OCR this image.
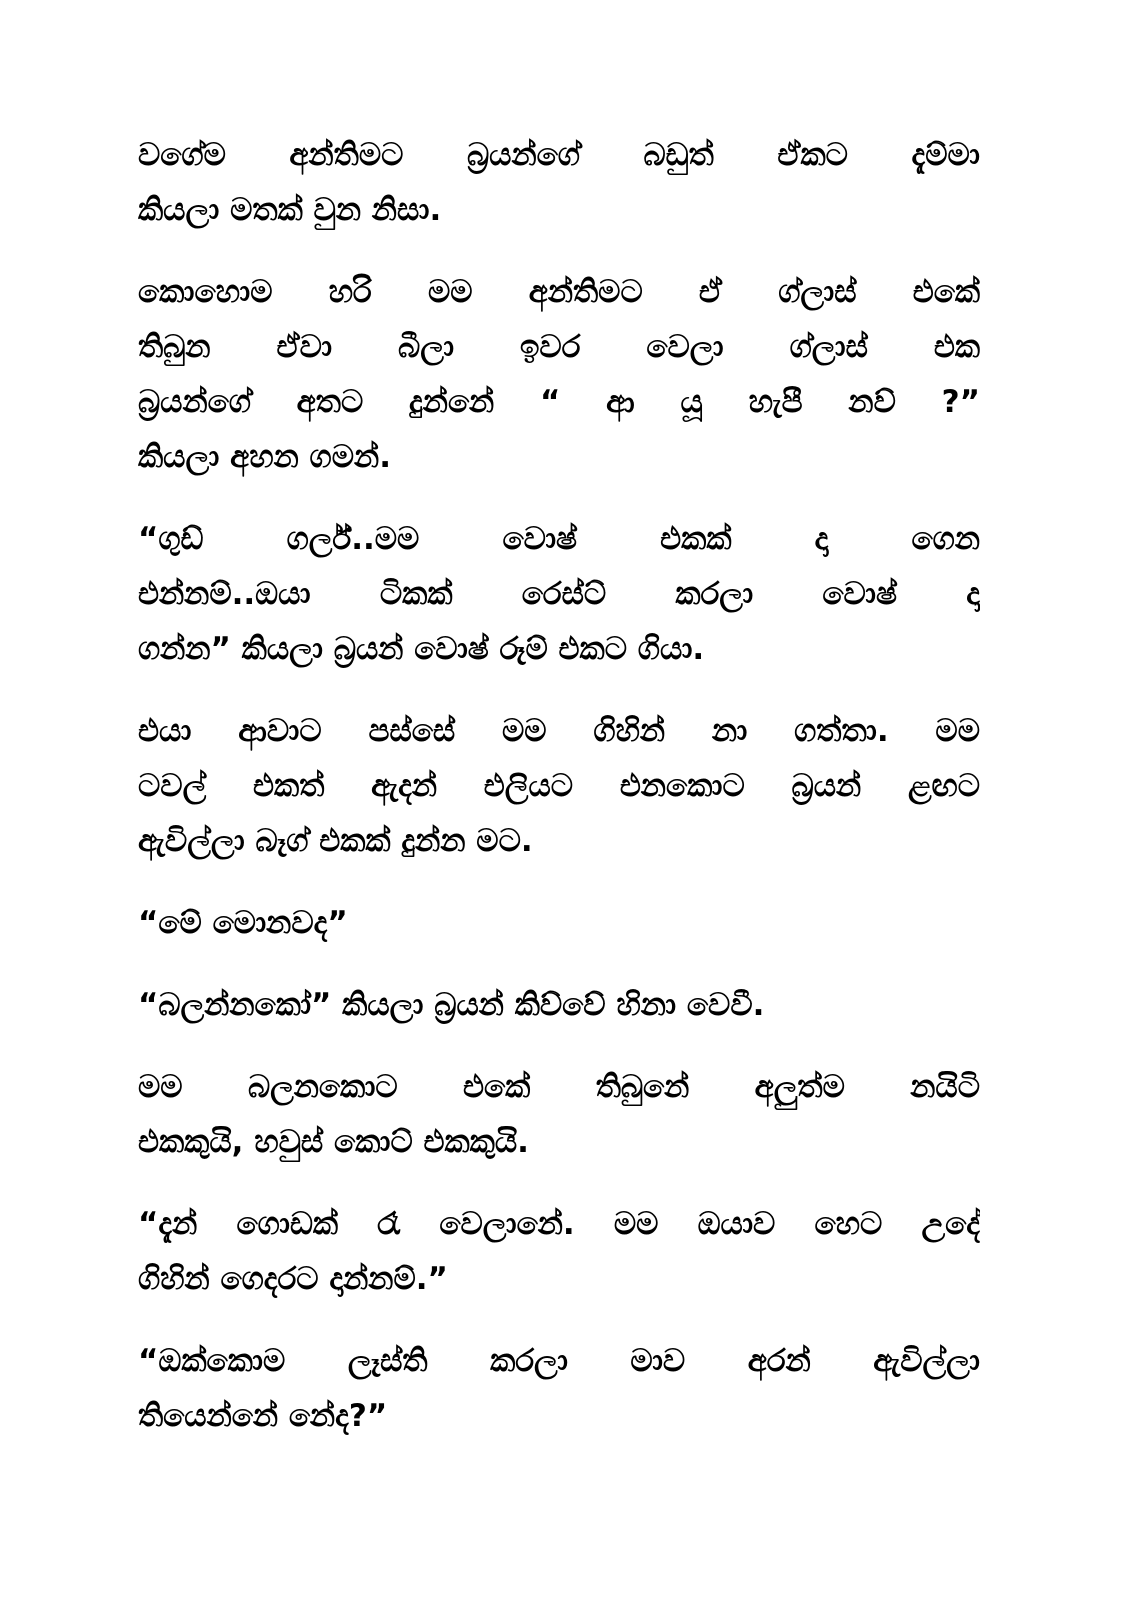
වගේම අන්තිමට බ්‍රයන්ගේ බඩුත් ඒකට දැම්මා
කියලා මතක් වුන නිසා.
කොහොම හරි මම අන්තිමට ඒ ග්ලාස් එකේ
තිබුන ඒවා බීලා ඉවර වෙලා ග්ලාස් එක
බ්‍රයන්ගේ අතට දුන්නේ “ ආ යූ හැපී නව් ?”
කියලා අහන ගමන්.
“ගුඩ් ගර්ල්..මම වොෂ් එකක් දා ගෙන
එන්නම්..ඔයා ටිකක් රෙස්ට් කරලා වොෂ් දා
ගන්න” කියලා බ්‍රයන් වොෂ් රූම් එකට ගියා.
එයා ආවාට පස්සේ මම ගිහින් නා ගත්තා. මම
ටවල් එකත් ඇදන් එලියට එනකොට බ්‍රයන් ළඟට
ඇවිල්ලා බෑග් එකක් දුන්න මට.
“මේ මොනවද”
“බලන්නකෝ” කියලා බ්‍රයන් කිව්වේ හිනා වෙවී.
මම බලනකොට එකේ තිබුනේ අලුත්ම නයිටි
එකකුයි, හවුස් කොට් එකකුයි.
“දැන් ගොඩක් රෑ වෙලානේ. මම ඔයාව හෙට උදේ
ගිහින් ගෙදරට දාන්නම්.”
“ඔක්කොම ලෑස්ති කරලා මාව අරන් ඇවිල්ලා
තියෙන්නේ නේද?”
